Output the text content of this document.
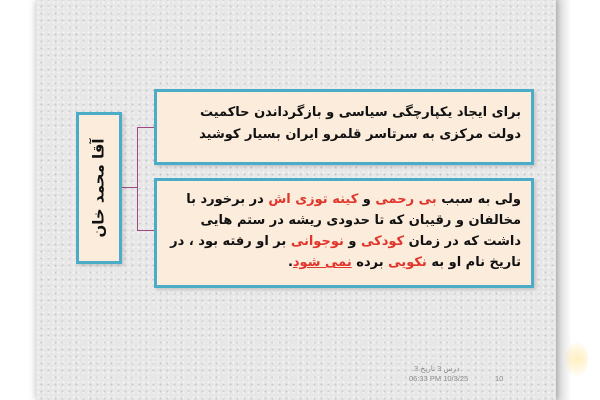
آقا محمد خان

برای ایجاد یکپارچگی سیاسی و بازگرداندن حاکمیت دولت مرکزی به سرتاسر قلمرو ایران بسیار کوشید

ولی به سبب بی رحمی و کینه توزی اش در برخورد با مخالفان و رقیبان که تا حدودی ریشه در ستم هایی داشت که در زمان کودکی و نوجوانی بر او رفته بود ، در تاریخ نام او به نکویی برده نمی شود.

درس 3 تاریخ 3
06:33 PM 10/3/25	10
